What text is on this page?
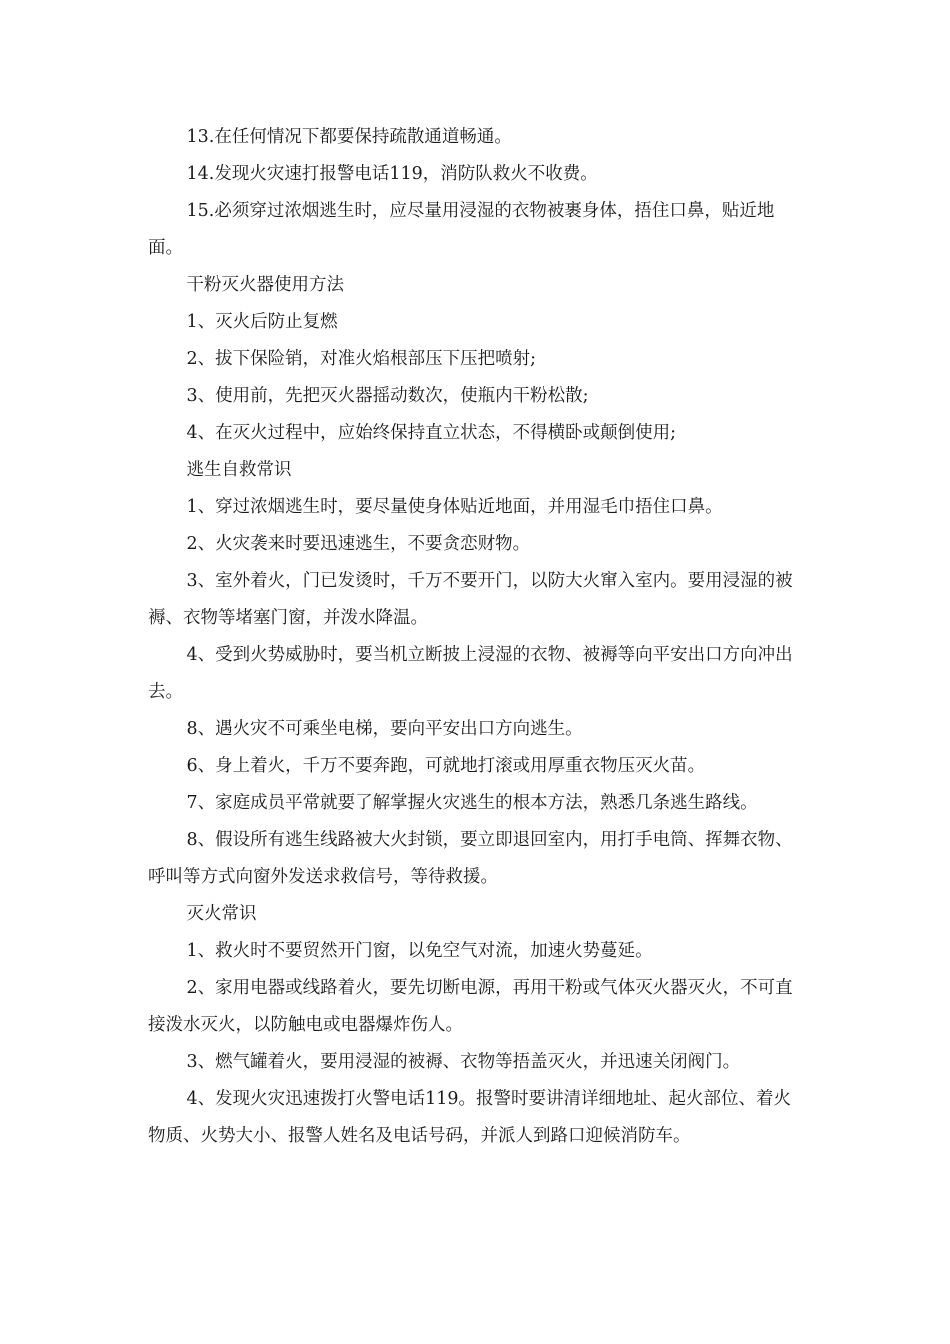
13.在任何情况下都要保持疏散通道畅通。

14.发现火灾速打报警电话119，消防队救火不收费。

15.必须穿过浓烟逃生时，应尽量用浸湿的衣物被裹身体，捂住口鼻，贴近地面。

干粉灭火器使用方法

1、灭火后防止复燃

2、拔下保险销，对准火焰根部压下压把喷射;

3、使用前，先把灭火器摇动数次，使瓶内干粉松散;

4、在灭火过程中，应始终保持直立状态，不得横卧或颠倒使用;

逃生自救常识

1、穿过浓烟逃生时，要尽量使身体贴近地面，并用湿毛巾捂住口鼻。

2、火灾袭来时要迅速逃生，不要贪恋财物。

3、室外着火，门已发烫时，千万不要开门，以防大火窜入室内。要用浸湿的被褥、衣物等堵塞门窗，并泼水降温。

4、受到火势威胁时，要当机立断披上浸湿的衣物、被褥等向平安出口方向冲出去。

8、遇火灾不可乘坐电梯，要向平安出口方向逃生。

6、身上着火，千万不要奔跑，可就地打滚或用厚重衣物压灭火苗。

7、家庭成员平常就要了解掌握火灾逃生的根本方法，熟悉几条逃生路线。

8、假设所有逃生线路被大火封锁，要立即退回室内，用打手电筒、挥舞衣物、呼叫等方式向窗外发送求救信号，等待救援。

灭火常识

1、救火时不要贸然开门窗，以免空气对流，加速火势蔓延。

2、家用电器或线路着火，要先切断电源，再用干粉或气体灭火器灭火，不可直接泼水灭火，以防触电或电器爆炸伤人。

3、燃气罐着火，要用浸湿的被褥、衣物等捂盖灭火，并迅速关闭阀门。

4、发现火灾迅速拨打火警电话119。报警时要讲清详细地址、起火部位、着火物质、火势大小、报警人姓名及电话号码，并派人到路口迎候消防车。
